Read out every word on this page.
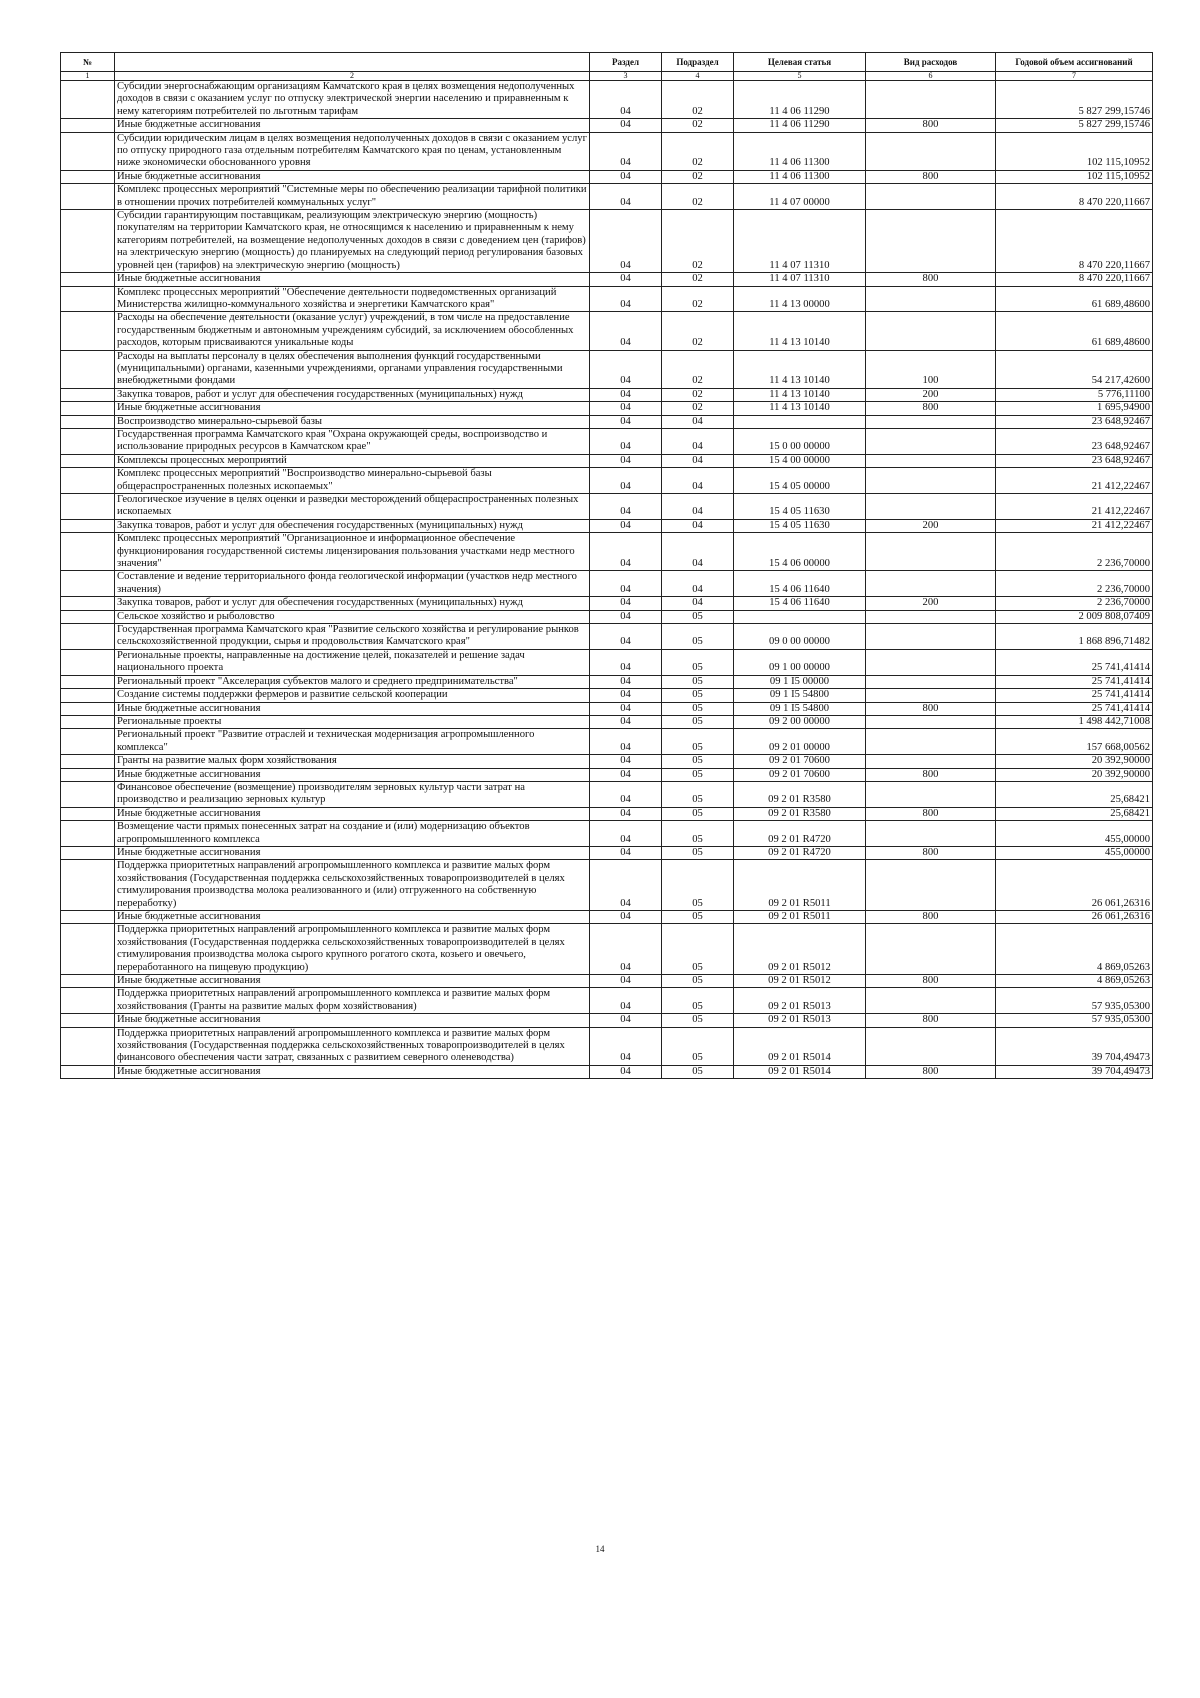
№		Раздел	Подраздел	Целевая статья	Вид расходов	Годовой объем ассигнований
1	2	3	4	5	6	7
	Субсидии энергоснабжающим организациям Камчатского края в целях возмещения недополученных доходов в связи с оказанием услуг по отпуску электрической энергии населению и приравненным к нему категориям потребителей по льготным тарифам	04	02	11 4 06 11290		5 827 299,15746
	Иные бюджетные ассигнования	04	02	11 4 06 11290	800	5 827 299,15746
	Субсидии юридическим лицам в целях возмещения недополученных доходов в связи с оказанием услуг по отпуску природного газа отдельным потребителям Камчатского края по ценам, установленным ниже экономически обоснованного уровня	04	02	11 4 06 11300		102 115,10952
	Иные бюджетные ассигнования	04	02	11 4 06 11300	800	102 115,10952
	Комплекс процессных мероприятий "Системные меры по обеспечению реализации тарифной политики в отношении прочих потребителей коммунальных услуг"	04	02	11 4 07 00000		8 470 220,11667
	Субсидии гарантирующим поставщикам, реализующим электрическую энергию (мощность) покупателям на территории Камчатского края, не относящимся к населению и приравненным к нему категориям потребителей, на возмещение недополученных доходов в связи с доведением цен (тарифов) на электрическую энергию (мощность) до планируемых на следующий период регулирования базовых уровней цен (тарифов) на электрическую энергию (мощность)	04	02	11 4 07 11310		8 470 220,11667
	Иные бюджетные ассигнования	04	02	11 4 07 11310	800	8 470 220,11667
	Комплекс процессных мероприятий "Обеспечение деятельности подведомственных организаций Министерства жилищно-коммунального хозяйства и энергетики Камчатского края"	04	02	11 4 13 00000		61 689,48600
	Расходы на обеспечение деятельности (оказание услуг) учреждений, в том числе на предоставление государственным бюджетным и автономным учреждениям субсидий, за исключением обособленных расходов, которым присваиваются уникальные коды	04	02	11 4 13 10140		61 689,48600
	Расходы на выплаты персоналу в целях обеспечения выполнения функций государственными (муниципальными) органами, казенными учреждениями, органами управления государственными внебюджетными фондами	04	02	11 4 13 10140	100	54 217,42600
	Закупка товаров, работ и услуг для обеспечения государственных (муниципальных) нужд	04	02	11 4 13 10140	200	5 776,11100
	Иные бюджетные ассигнования	04	02	11 4 13 10140	800	1 695,94900
	Воспроизводство минерально-сырьевой базы	04	04			23 648,92467
	Государственная программа Камчатского края "Охрана окружающей среды, воспроизводство и использование природных ресурсов в Камчатском крае"	04	04	15 0 00 00000		23 648,92467
	Комплексы процессных мероприятий	04	04	15 4 00 00000		23 648,92467
	Комплекс процессных мероприятий "Воспроизводство минерально-сырьевой базы общераспространенных полезных ископаемых"	04	04	15 4 05 00000		21 412,22467
	Геологическое изучение в целях оценки и разведки месторождений общераспространенных полезных ископаемых	04	04	15 4 05 11630		21 412,22467
	Закупка товаров, работ и услуг для обеспечения государственных (муниципальных) нужд	04	04	15 4 05 11630	200	21 412,22467
	Комплекс процессных мероприятий "Организационное и информационное обеспечение функционирования государственной системы лицензирования пользования участками недр местного значения"	04	04	15 4 06 00000		2 236,70000
	Составление и ведение территориального фонда геологической информации (участков недр местного значения)	04	04	15 4 06 11640		2 236,70000
	Закупка товаров, работ и услуг для обеспечения государственных (муниципальных) нужд	04	04	15 4 06 11640	200	2 236,70000
	Сельское хозяйство и рыболовство	04	05			2 009 808,07409
	Государственная программа Камчатского края "Развитие сельского хозяйства и регулирование рынков сельскохозяйственной продукции, сырья и продовольствия Камчатского края"	04	05	09 0 00 00000		1 868 896,71482
	Региональные проекты, направленные на достижение целей, показателей и решение задач национального проекта	04	05	09 1 00 00000		25 741,41414
	Региональный проект "Акселерация субъектов малого и среднего предпринимательства"	04	05	09 1 I5 00000		25 741,41414
	Создание системы поддержки фермеров и развитие сельской кооперации	04	05	09 1 I5 54800		25 741,41414
	Иные бюджетные ассигнования	04	05	09 1 I5 54800	800	25 741,41414
	Региональные проекты	04	05	09 2 00 00000		1 498 442,71008
	Региональный проект "Развитие отраслей и техническая модернизация агропромышленного комплекса"	04	05	09 2 01 00000		157 668,00562
	Гранты на развитие малых форм хозяйствования	04	05	09 2 01 70600		20 392,90000
	Иные бюджетные ассигнования	04	05	09 2 01 70600	800	20 392,90000
	Финансовое обеспечение (возмещение) производителям зерновых культур части затрат на производство и реализацию зерновых культур	04	05	09 2 01 R3580		25,68421
	Иные бюджетные ассигнования	04	05	09 2 01 R3580	800	25,68421
	Возмещение части прямых понесенных затрат на создание и (или) модернизацию объектов агропромышленного комплекса	04	05	09 2 01 R4720		455,00000
	Иные бюджетные ассигнования	04	05	09 2 01 R4720	800	455,00000
	Поддержка приоритетных направлений агропромышленного комплекса и развитие малых форм хозяйствования (Государственная поддержка сельскохозяйственных товаропроизводителей в целях стимулирования производства молока реализованного и (или) отгруженного на собственную переработку)	04	05	09 2 01 R5011		26 061,26316
	Иные бюджетные ассигнования	04	05	09 2 01 R5011	800	26 061,26316
	Поддержка приоритетных направлений агропромышленного комплекса и развитие малых форм хозяйствования (Государственная поддержка сельскохозяйственных товаропроизводителей в целях стимулирования производства молока сырого крупного рогатого скота, козьего и овечьего, переработанного на пищевую продукцию)	04	05	09 2 01 R5012		4 869,05263
	Иные бюджетные ассигнования	04	05	09 2 01 R5012	800	4 869,05263
	Поддержка приоритетных направлений агропромышленного комплекса и развитие малых форм хозяйствования (Гранты на развитие малых форм хозяйствования)	04	05	09 2 01 R5013		57 935,05300
	Иные бюджетные ассигнования	04	05	09 2 01 R5013	800	57 935,05300
	Поддержка приоритетных направлений агропромышленного комплекса и развитие малых форм хозяйствования (Государственная поддержка сельскохозяйственных товаропроизводителей в целях финансового обеспечения части затрат, связанных с развитием северного оленеводства)	04	05	09 2 01 R5014		39 704,49473
	Иные бюджетные ассигнования	04	05	09 2 01 R5014	800	39 704,49473
14
